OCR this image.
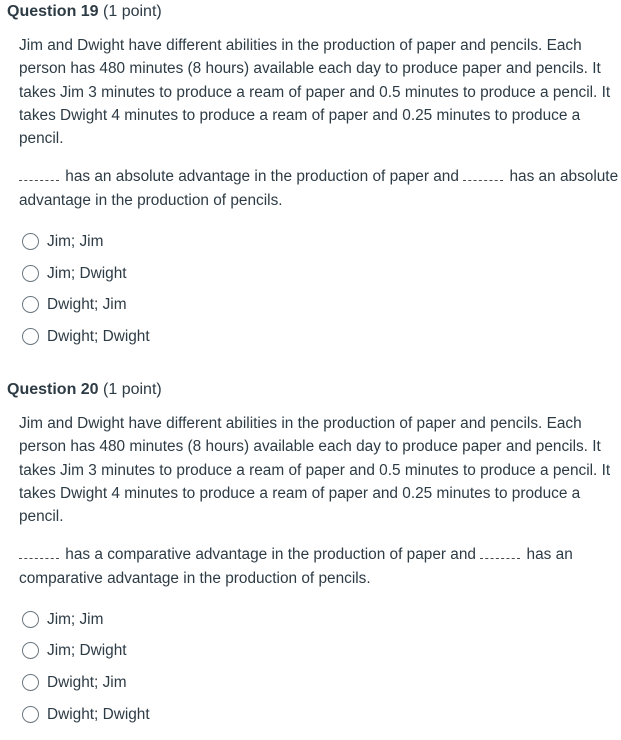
Question 19 (1 point)

Jim and Dwight have different abilities in the production of paper and pencils. Each person has 480 minutes (8 hours) available each day to produce paper and pencils. It takes Jim 3 minutes to produce a ream of paper and 0.5 minutes to produce a pencil. It takes Dwight 4 minutes to produce a ream of paper and 0.25 minutes to produce a pencil.

has an absolute advantage in the production of paper and	has an absolute advantage in the production of pencils.

Jim; Jim
Jim; Dwight
Dwight; Jim
Dwight; Dwight
Question 20 (1 point)

Jim and Dwight have different abilities in the production of paper and pencils. Each person has 480 minutes (8 hours) available each day to produce paper and pencils. It takes Jim 3 minutes to produce a ream of paper and 0.5 minutes to produce a pencil. It takes Dwight 4 minutes to produce a ream of paper and 0.25 minutes to produce a pencil.

has a comparative advantage in the production of paper and	has an comparative advantage in the production of pencils.

Jim; Jim
Jim; Dwight
Dwight; Jim
Dwight; Dwight
